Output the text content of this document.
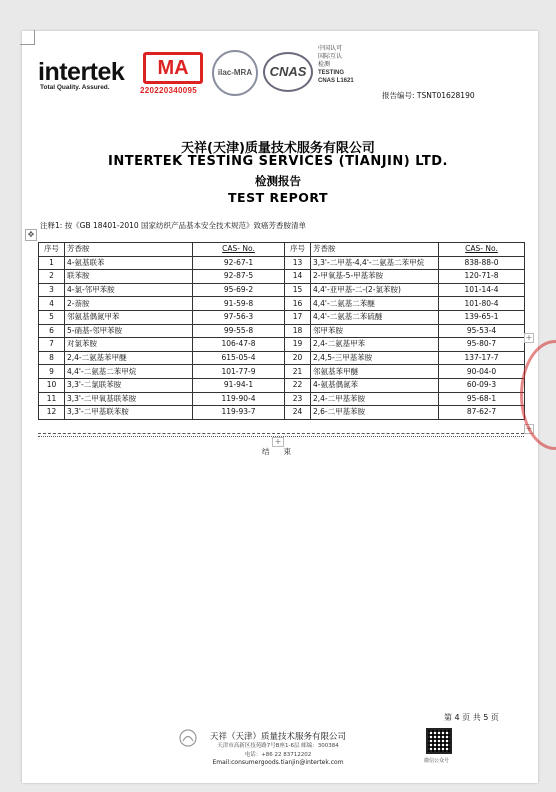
intertek
Total Quality. Assured.
MA
220220340095
ilac-MRA	CNAS
中国认可
国际互认
检测
TESTING
CNAS L1621
报告编号: TSNT01628190
天祥(天津)质量技术服务有限公司
INTERTEK TESTING SERVICES (TIANJIN) LTD.
检测报告
TEST REPORT
注释1: 按《GB 18401-2010 国家纺织产品基本安全技术规范》致癌芳香胺清单
✥
序号	芳香胺	CAS- No.	序号	芳香胺	CAS- No.
1	4-氨基联苯	92-67-1	13	3,3'-二甲基-4,4'-二氨基二苯甲烷	838-88-0
2	联苯胺	92-87-5	14	2-甲氧基-5-甲基苯胺	120-71-8
3	4-氯-邻甲苯胺	95-69-2	15	4,4'-亚甲基-二-(2-氯苯胺)	101-14-4
4	2-萘胺	91-59-8	16	4,4'-二氨基二苯醚	101-80-4
5	邻氨基偶氮甲苯	97-56-3	17	4,4'-二氨基二苯硫醚	139-65-1
6	5-硝基-邻甲苯胺	99-55-8	18	邻甲苯胺	95-53-4
7	对氯苯胺	106-47-8	19	2,4-二氨基甲苯	95-80-7
8	2,4-二氨基苯甲醚	615-05-4	20	2,4,5-三甲基苯胺	137-17-7
9	4,4'-二氨基二苯甲烷	101-77-9	21	邻氨基苯甲醚	90-04-0
10	3,3'-二氯联苯胺	91-94-1	22	4-氨基偶氮苯	60-09-3
11	3,3'-二甲氧基联苯胺	119-90-4	23	2,4-二甲基苯胺	95-68-1
12	3,3'-二甲基联苯胺	119-93-7	24	2,6-二甲基苯胺	87-62-7
+
+
+
结束
第 4 页 共 5 页
天祥（天津）质量技术服务有限公司
天津市高新区技苑路7号B座1-6层 邮编：300384
电话：+86 22 83712202
Email:consumergoods.tianjin@intertek.com	微信公众号
